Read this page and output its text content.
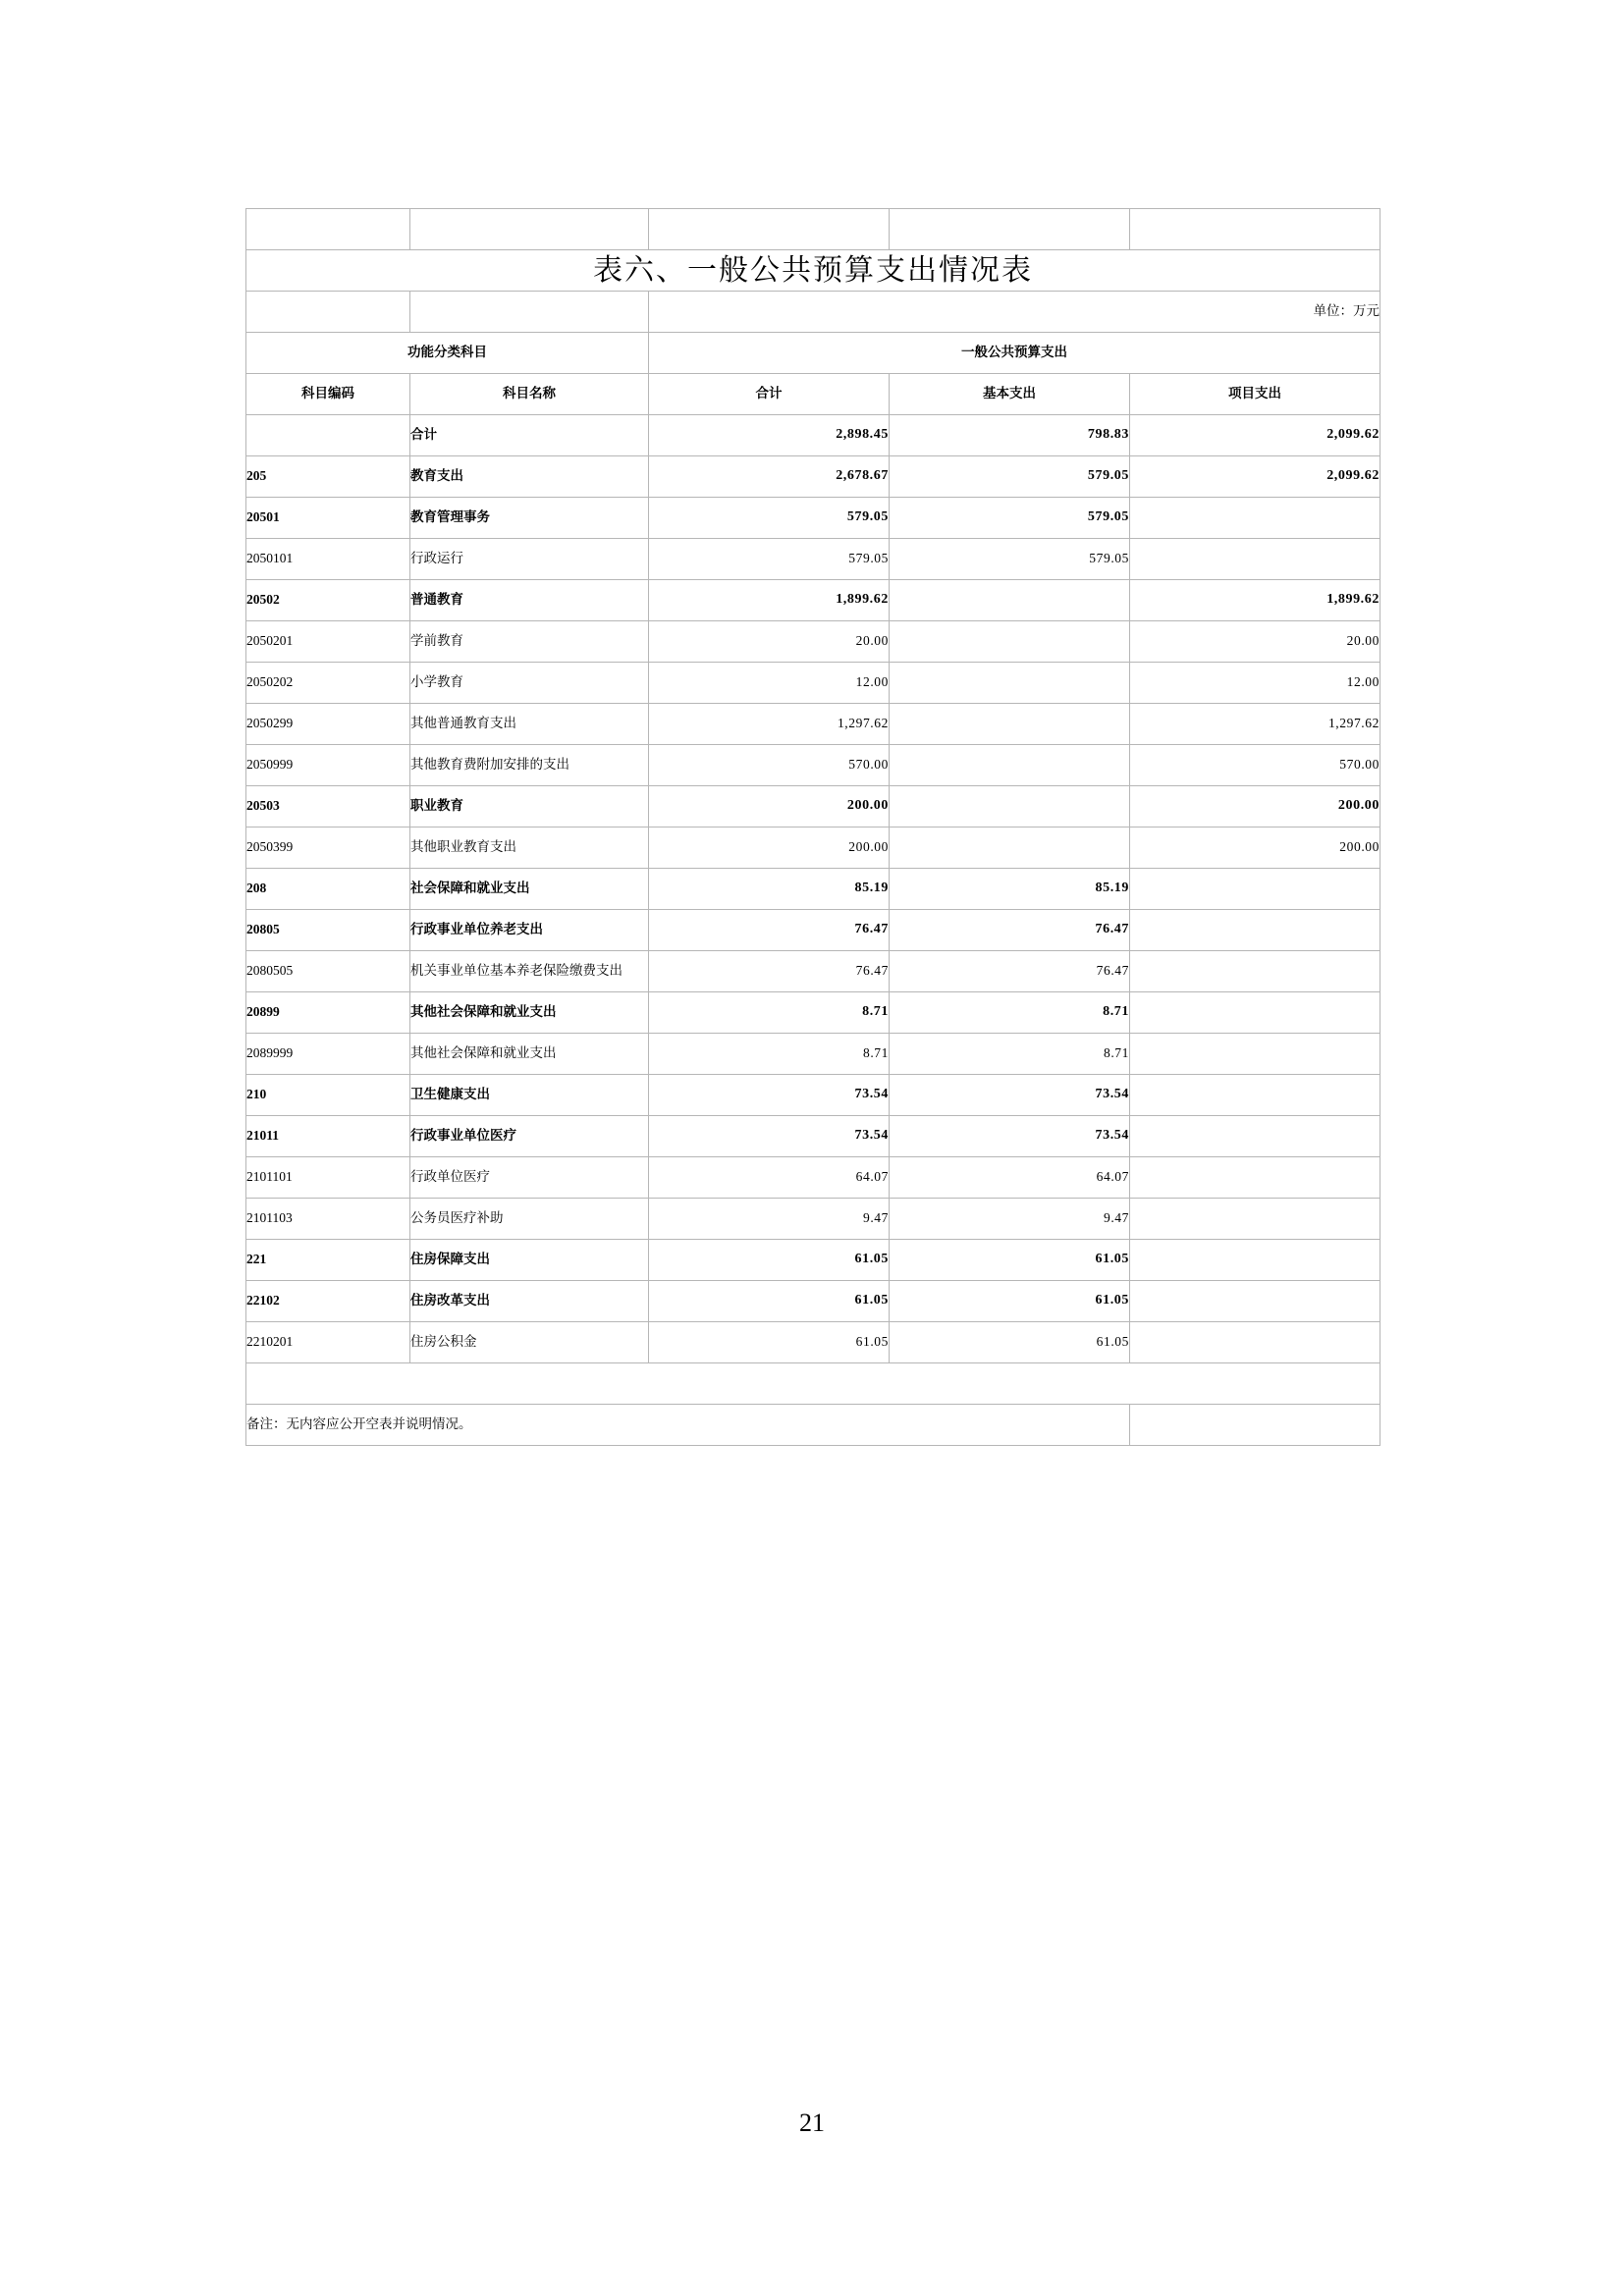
表六、一般公共预算支出情况表				
		单位：万元		
功能分类科目		一般公共预算支出		
科目编码	科目名称	合计	基本支出	项目支出
	合计	2,898.45	798.83	2,099.62
205	教育支出	2,678.67	579.05	2,099.62
20501	教育管理事务	579.05	579.05	
2050101	行政运行	579.05	579.05	
20502	普通教育	1,899.62		1,899.62
2050201	学前教育	20.00		20.00
2050202	小学教育	12.00		12.00
2050299	其他普通教育支出	1,297.62		1,297.62
2050999	其他教育费附加安排的支出	570.00		570.00
20503	职业教育	200.00		200.00
2050399	其他职业教育支出	200.00		200.00
208	社会保障和就业支出	85.19	85.19	
20805	行政事业单位养老支出	76.47	76.47	
2080505	机关事业单位基本养老保险缴费支出	76.47	76.47	
20899	其他社会保障和就业支出	8.71	8.71	
2089999	其他社会保障和就业支出	8.71	8.71	
210	卫生健康支出	73.54	73.54	
21011	行政事业单位医疗	73.54	73.54	
2101101	行政单位医疗	64.07	64.07	
2101103	公务员医疗补助	9.47	9.47	
221	住房保障支出	61.05	61.05	
22102	住房改革支出	61.05	61.05	
2210201	住房公积金	61.05	61.05	

备注：无内容应公开空表并说明情况。				
21
